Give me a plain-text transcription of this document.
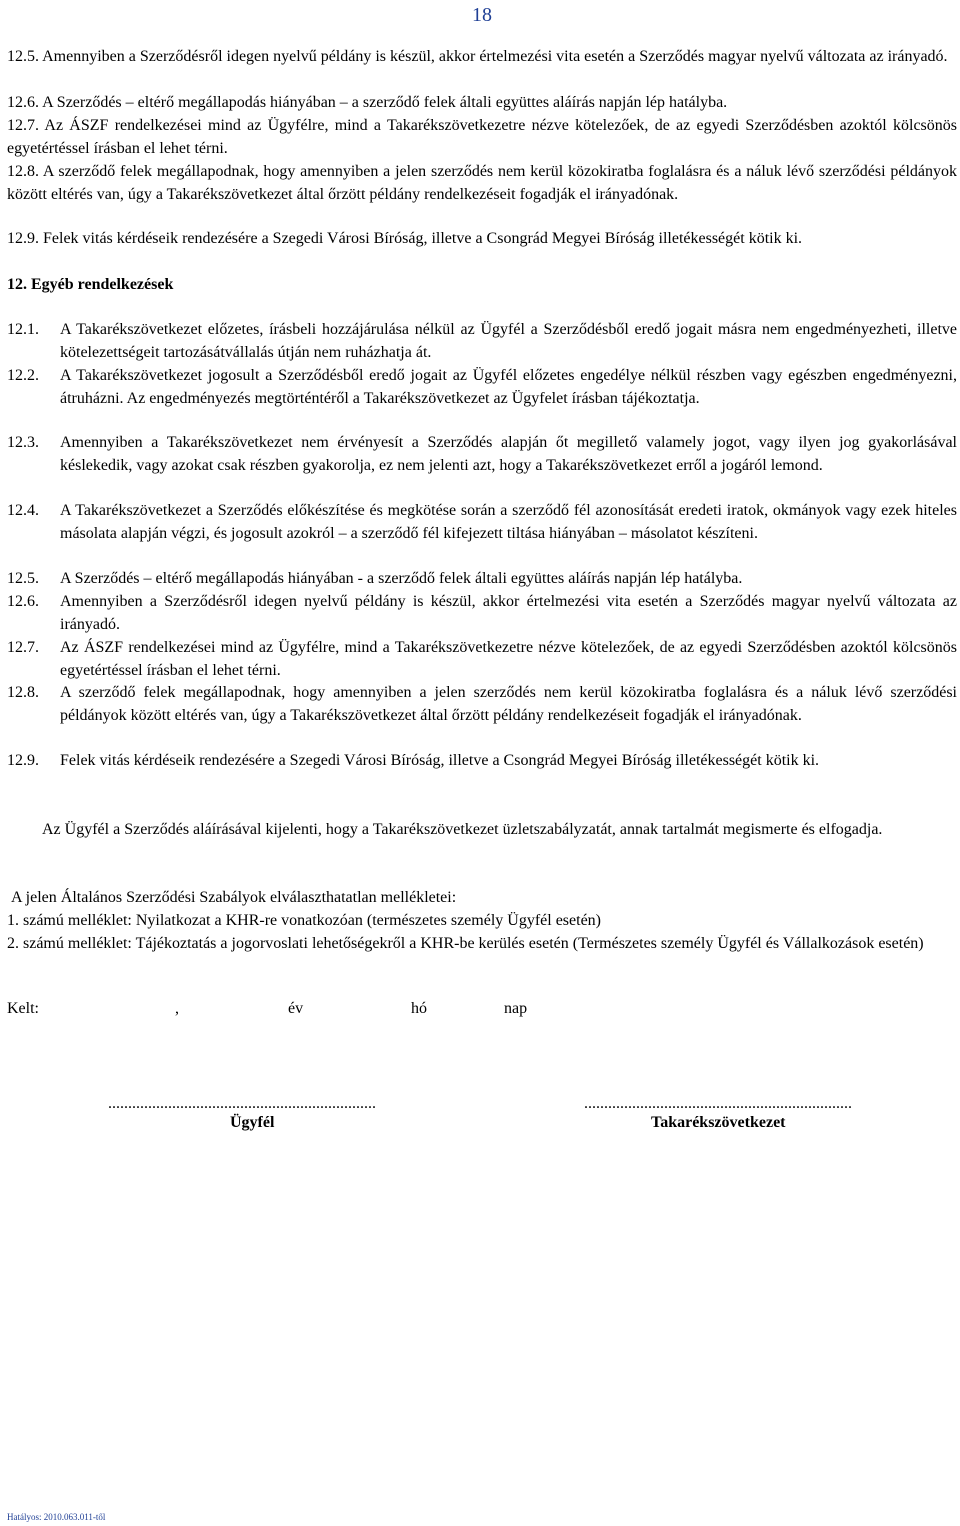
18
12.5. Amennyiben a Szerződésről idegen nyelvű példány is készül, akkor értelmezési vita esetén a Szerződés magyar nyelvű változata az irányadó.
12.6. A Szerződés – eltérő megállapodás hiányában – a szerződő felek általi együttes aláírás napján lép hatályba.
12.7. Az ÁSZF rendelkezései mind az Ügyfélre, mind a Takarékszövetkezetre nézve kötelezőek, de az egyedi Szerződésben azoktól kölcsönös egyetértéssel írásban el lehet térni.
12.8. A szerződő felek megállapodnak, hogy amennyiben a jelen szerződés nem kerül közokiratba foglalásra és a náluk lévő szerződési példányok között eltérés van, úgy a Takarékszövetkezet által őrzött példány rendelkezéseit fogadják el irányadónak.
12.9. Felek vitás kérdéseik rendezésére a Szegedi Városi Bíróság, illetve a Csongrád Megyei Bíróság illetékességét kötik ki.
12. Egyéb rendelkezések
12.1. A Takarékszövetkezet előzetes, írásbeli hozzájárulása nélkül az Ügyfél a Szerződésből eredő jogait másra nem engedményezheti, illetve kötelezettségeit tartozásátvállalás útján nem ruházhatja át.
12.2. A Takarékszövetkezet jogosult a Szerződésből eredő jogait az Ügyfél előzetes engedélye nélkül részben vagy egészben engedményezni, átruházni. Az engedményezés megtörténtéről a Takarékszövetkezet az Ügyfelet írásban tájékoztatja.
12.3. Amennyiben a Takarékszövetkezet nem érvényesít a Szerződés alapján őt megillető valamely jogot, vagy ilyen jog gyakorlásával késlekedik, vagy azokat csak részben gyakorolja, ez nem jelenti azt, hogy a Takarékszövetkezet erről a jogáról lemond.
12.4. A Takarékszövetkezet a Szerződés előkészítése és megkötése során a szerződő fél azonosítását eredeti iratok, okmányok vagy ezek hiteles másolata alapján végzi, és jogosult azokról – a szerződő fél kifejezett tiltása hiányában – másolatot készíteni.
12.5. A Szerződés – eltérő megállapodás hiányában - a szerződő felek általi együttes aláírás napján lép hatályba.
12.6. Amennyiben a Szerződésről idegen nyelvű példány is készül, akkor értelmezési vita esetén a Szerződés magyar nyelvű változata az irányadó.
12.7. Az ÁSZF rendelkezései mind az Ügyfélre, mind a Takarékszövetkezetre nézve kötelezőek, de az egyedi Szerződésben azoktól kölcsönös egyetértéssel írásban el lehet térni.
12.8. A szerződő felek megállapodnak, hogy amennyiben a jelen szerződés nem kerül közokiratba foglalásra és a náluk lévő szerződési példányok között eltérés van, úgy a Takarékszövetkezet által őrzött példány rendelkezéseit fogadják el irányadónak.
12.9. Felek vitás kérdéseik rendezésére a Szegedi Városi Bíróság, illetve a Csongrád Megyei Bíróság illetékességét kötik ki.
Az Ügyfél a Szerződés aláírásával kijelenti, hogy a Takarékszövetkezet üzletszabályzatát, annak tartalmát megismerte és elfogadja.
A jelen Általános Szerződési Szabályok elválaszthatatlan mellékletei:
1. számú melléklet: Nyilatkozat a KHR-re vonatkozóan (természetes személy Ügyfél esetén)
2. számú melléklet: Tájékoztatás a jogorvoslati lehetőségekről a KHR-be kerülés esetén (Természetes személy Ügyfél és Vállalkozások esetén)
Kelt:	,	év	hó	nap
...................................................................	...................................................................
Ügyfél	Takarékszövetkezet
Hatályos: 2010.063.011-től
